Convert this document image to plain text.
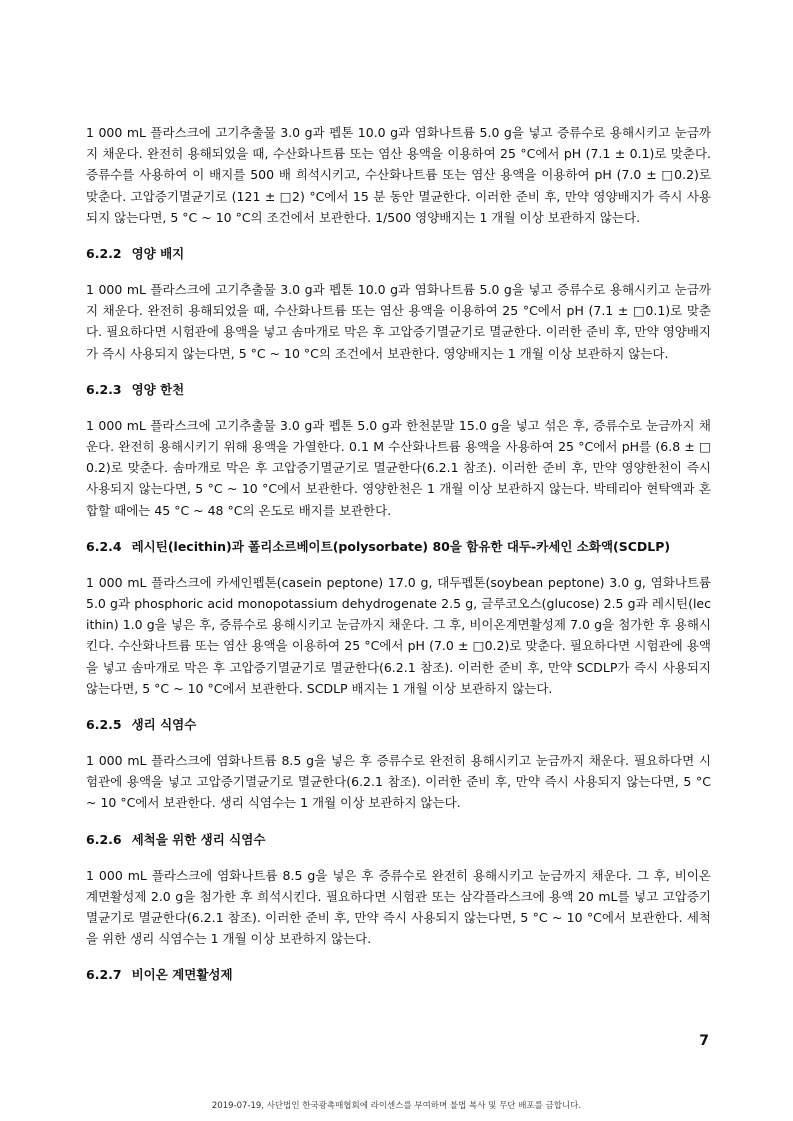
1 000 mL 플라스크에 고기추출물 3.0 g과 펩톤 10.0 g과 염화나트륨 5.0 g을 넣고 증류수로 용해시키고 눈금까지 채운다. 완전히 용해되었을 때, 수산화나트륨 또는 염산 용액을 이용하여 25 °C에서 pH (7.1 ± 0.1)로 맞춘다. 증류수를 사용하여 이 배지를 500 배 희석시키고, 수산화나트륨 또는 염산 용액을 이용하여 pH (7.0 ± □0.2)로 맞춘다. 고압증기멸균기로 (121 ± □2) °C에서 15 분 동안 멸균한다. 이러한 준비 후, 만약 영양배지가 즉시 사용되지 않는다면, 5 °C ~ 10 °C의 조건에서 보관한다. 1/500 영양배지는 1 개월 이상 보관하지 않는다.

6.2.2 영양 배지

1 000 mL 플라스크에 고기추출물 3.0 g과 펩톤 10.0 g과 염화나트륨 5.0 g을 넣고 증류수로 용해시키고 눈금까지 채운다. 완전히 용해되었을 때, 수산화나트륨 또는 염산 용액을 이용하여 25 °C에서 pH (7.1 ± □0.1)로 맞춘다. 필요하다면 시험관에 용액을 넣고 솜마개로 막은 후 고압증기멸균기로 멸균한다. 이러한 준비 후, 만약 영양배지가 즉시 사용되지 않는다면, 5 °C ~ 10 °C의 조건에서 보관한다. 영양배지는 1 개월 이상 보관하지 않는다.

6.2.3 영양 한천

1 000 mL 플라스크에 고기추출물 3.0 g과 펩톤 5.0 g과 한천분말 15.0 g을 넣고 섞은 후, 증류수로 눈금까지 채운다. 완전히 용해시키기 위해 용액을 가열한다. 0.1 M 수산화나트륨 용액을 사용하여 25 °C에서 pH를 (6.8 ± □0.2)로 맞춘다. 솜마개로 막은 후 고압증기멸균기로 멸균한다(6.2.1 참조). 이러한 준비 후, 만약 영양한천이 즉시 사용되지 않는다면, 5 °C ~ 10 °C에서 보관한다. 영양한천은 1 개월 이상 보관하지 않는다. 박테리아 현탁액과 혼합할 때에는 45 °C ~ 48 °C의 온도로 배지를 보관한다.

6.2.4 레시틴(lecithin)과 폴리소르베이트(polysorbate) 80을 함유한 대두-카세인 소화액(SCDLP)

1 000 mL 플라스크에 카세인펩톤(casein peptone) 17.0 g, 대두펩톤(soybean peptone) 3.0 g, 염화나트륨 5.0 g과 phosphoric acid monopotassium dehydrogenate 2.5 g, 글루코오스(glucose) 2.5 g과 레시틴(lecithin) 1.0 g을 넣은 후, 증류수로 용해시키고 눈금까지 채운다. 그 후, 비이온계면활성제 7.0 g을 첨가한 후 용해시킨다. 수산화나트륨 또는 염산 용액을 이용하여 25 °C에서 pH (7.0 ± □0.2)로 맞춘다. 필요하다면 시험관에 용액을 넣고 솜마개로 막은 후 고압증기멸균기로 멸균한다(6.2.1 참조). 이러한 준비 후, 만약 SCDLP가 즉시 사용되지 않는다면, 5 °C ~ 10 °C에서 보관한다. SCDLP 배지는 1 개월 이상 보관하지 않는다.

6.2.5 생리 식염수

1 000 mL 플라스크에 염화나트륨 8.5 g을 넣은 후 증류수로 완전히 용해시키고 눈금까지 채운다. 필요하다면 시험관에 용액을 넣고 고압증기멸균기로 멸균한다(6.2.1 참조). 이러한 준비 후, 만약 즉시 사용되지 않는다면, 5 °C ~ 10 °C에서 보관한다. 생리 식염수는 1 개월 이상 보관하지 않는다.

6.2.6 세척을 위한 생리 식염수

1 000 mL 플라스크에 염화나트륨 8.5 g을 넣은 후 증류수로 완전히 용해시키고 눈금까지 채운다. 그 후, 비이온 계면활성제 2.0 g을 첨가한 후 희석시킨다. 필요하다면 시험관 또는 삼각플라스크에 용액 20 mL를 넣고 고압증기멸균기로 멸균한다(6.2.1 참조). 이러한 준비 후, 만약 즉시 사용되지 않는다면, 5 °C ~ 10 °C에서 보관한다. 세척을 위한 생리 식염수는 1 개월 이상 보관하지 않는다.

6.2.7 비이온 계면활성제
7
2019-07-19, 사단법인 한국광촉매협회에 라이센스를 부여하며 불법 복사 및 무단 배포를 금합니다.
